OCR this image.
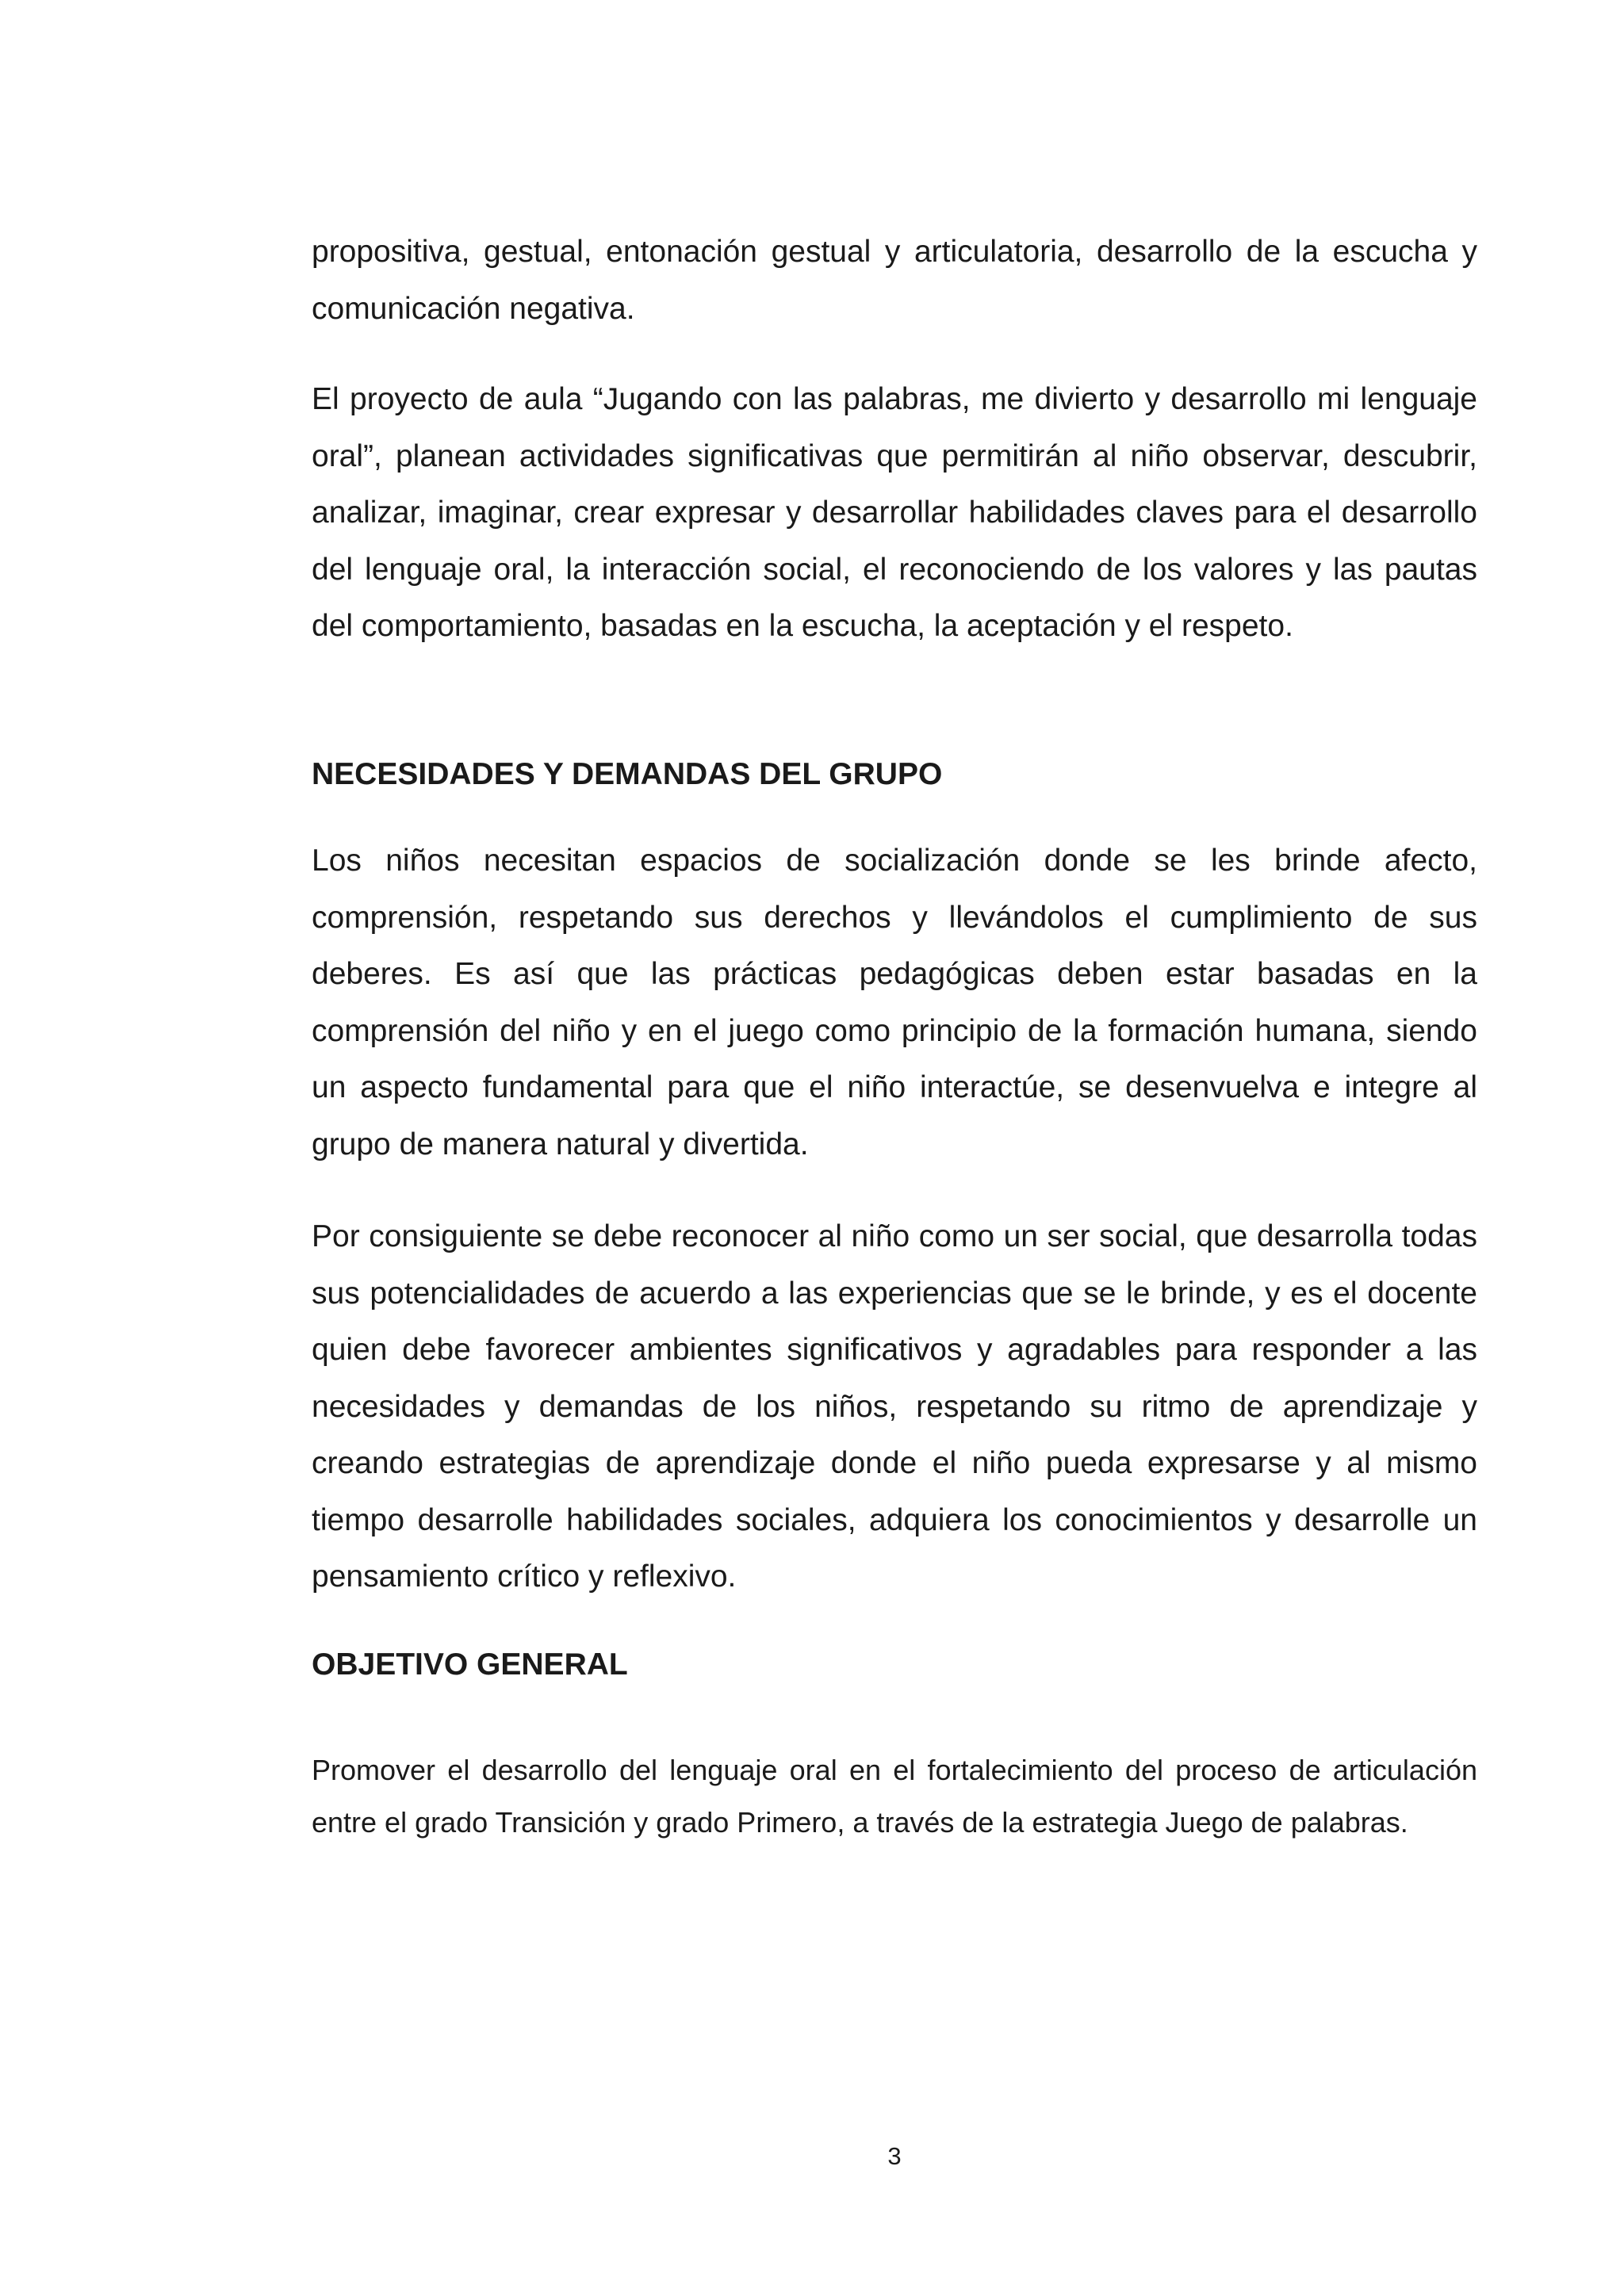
propositiva, gestual, entonación gestual y articulatoria, desarrollo de la escucha y comunicación negativa.

El proyecto de aula “Jugando con las palabras, me divierto y desarrollo mi lenguaje oral”, planean actividades significativas que permitirán al niño observar, descubrir, analizar, imaginar, crear expresar y desarrollar habilidades claves para el desarrollo del lenguaje oral, la interacción social, el reconociendo de los valores y las pautas del comportamiento, basadas en la escucha, la aceptación y el respeto.

NECESIDADES Y DEMANDAS DEL GRUPO

Los niños necesitan espacios de socialización donde se les brinde afecto, comprensión, respetando sus derechos y llevándolos el cumplimiento de sus deberes. Es así que las prácticas pedagógicas deben estar basadas en la comprensión del niño y en el juego como principio de la formación humana, siendo un aspecto fundamental para que el niño interactúe, se desenvuelva e integre al grupo de manera natural y divertida.

Por consiguiente se debe reconocer al niño como un ser social, que desarrolla todas sus potencialidades de acuerdo a las experiencias que se le brinde, y es el docente quien debe favorecer ambientes significativos y agradables para responder a las necesidades y demandas de los niños, respetando su ritmo de aprendizaje y creando estrategias de aprendizaje donde el niño pueda expresarse y al mismo tiempo desarrolle habilidades sociales, adquiera los conocimientos y desarrolle un pensamiento crítico y reflexivo.

OBJETIVO GENERAL

Promover el desarrollo del lenguaje oral en el fortalecimiento del proceso de articulación entre el grado Transición y grado Primero, a través de la estrategia Juego de palabras.

3
